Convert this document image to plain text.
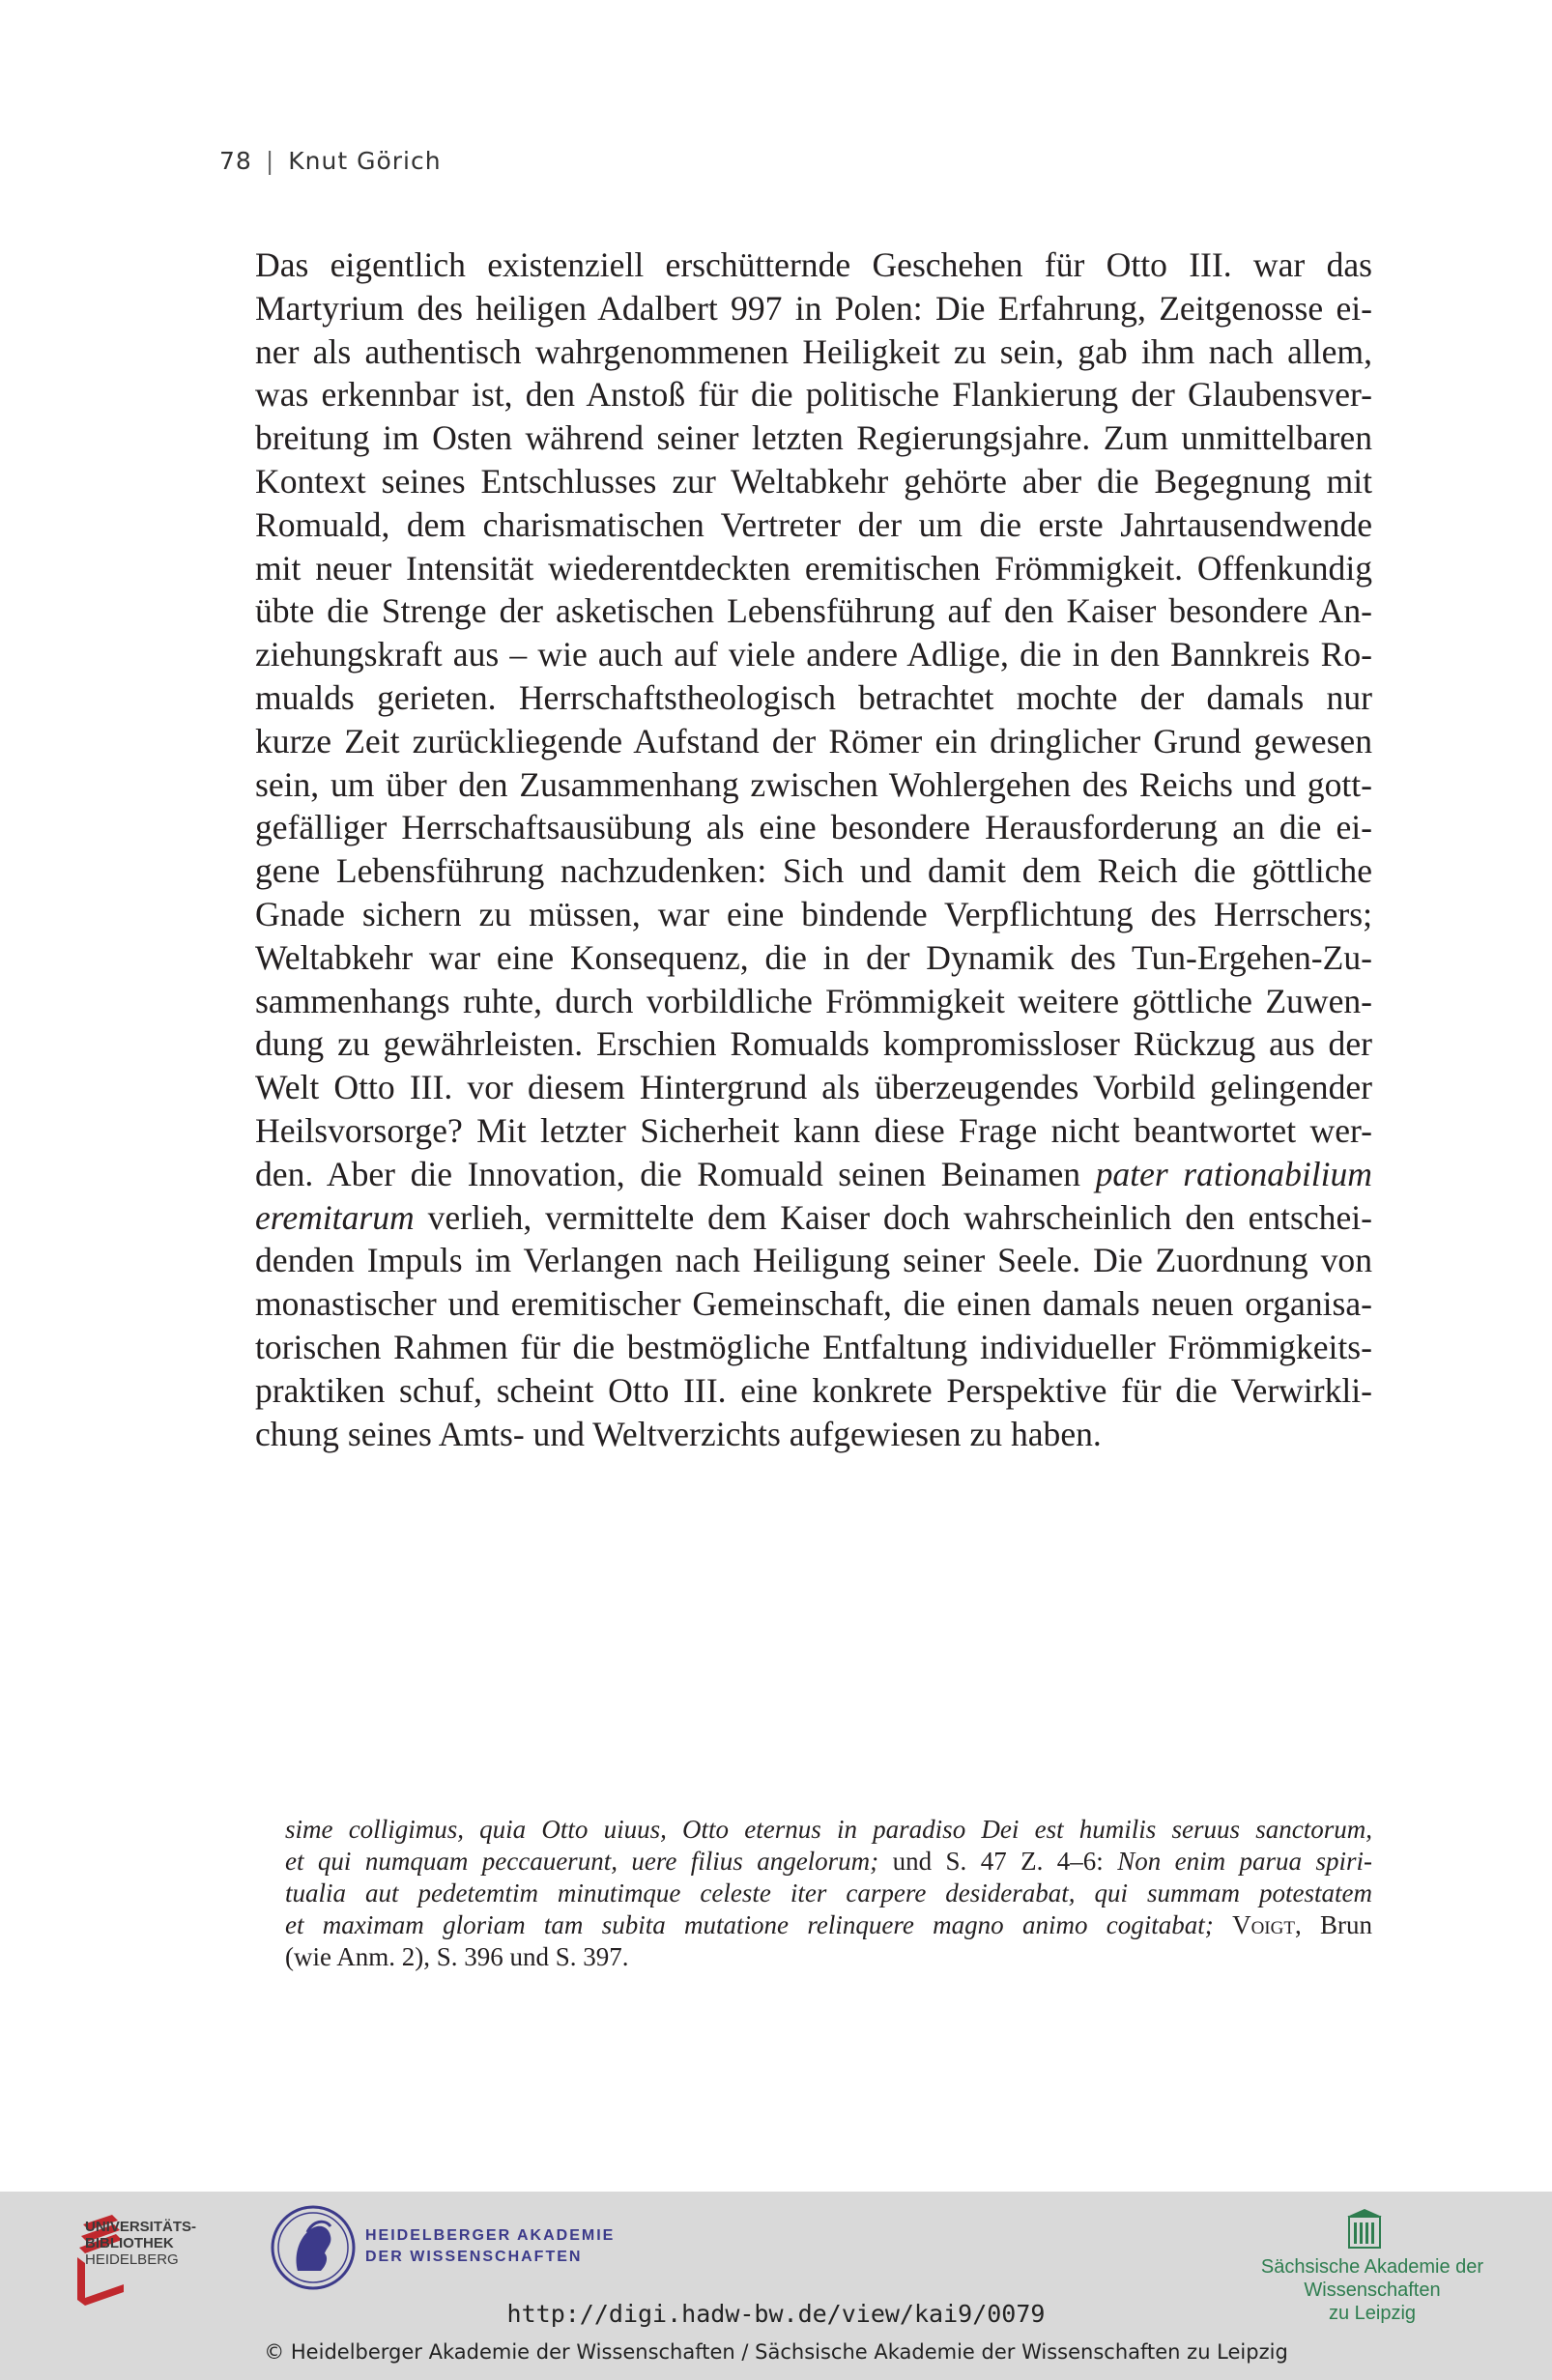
78 | Knut Görich

Das eigentlich existenziell erschütternde Geschehen für Otto III. war das
Martyrium des heiligen Adalbert 997 in Polen: Die Erfahrung, Zeitgenosse ei-
ner als authentisch wahrgenommenen Heiligkeit zu sein, gab ihm nach allem,
was erkennbar ist, den Anstoß für die politische Flankierung der Glaubensver-
breitung im Osten während seiner letzten Regierungsjahre. Zum unmittelbaren
Kontext seines Entschlusses zur Weltabkehr gehörte aber die Begegnung mit
Romuald, dem charismatischen Vertreter der um die erste Jahrtausendwende
mit neuer Intensität wiederentdeckten eremitischen Frömmigkeit. Offenkundig
übte die Strenge der asketischen Lebensführung auf den Kaiser besondere An-
ziehungskraft aus – wie auch auf viele andere Adlige, die in den Bannkreis Ro-
mualds gerieten. Herrschaftstheologisch betrachtet mochte der damals nur
kurze Zeit zurückliegende Aufstand der Römer ein dringlicher Grund gewesen
sein, um über den Zusammenhang zwischen Wohlergehen des Reichs und gott-
gefälliger Herrschaftsausübung als eine besondere Herausforderung an die ei-
gene Lebensführung nachzudenken: Sich und damit dem Reich die göttliche
Gnade sichern zu müssen, war eine bindende Verpflichtung des Herrschers;
Weltabkehr war eine Konsequenz, die in der Dynamik des Tun-Ergehen-Zu-
sammenhangs ruhte, durch vorbildliche Frömmigkeit weitere göttliche Zuwen-
dung zu gewährleisten. Erschien Romualds kompromissloser Rückzug aus der
Welt Otto III. vor diesem Hintergrund als überzeugendes Vorbild gelingender
Heilsvorsorge? Mit letzter Sicherheit kann diese Frage nicht beantwortet wer-
den. Aber die Innovation, die Romuald seinen Beinamen pater rationabilium
eremitarum verlieh, vermittelte dem Kaiser doch wahrscheinlich den entschei-
denden Impuls im Verlangen nach Heiligung seiner Seele. Die Zuordnung von
monastischer und eremitischer Gemeinschaft, die einen damals neuen organisa-
torischen Rahmen für die bestmögliche Entfaltung individueller Frömmigkeits-
praktiken schuf, scheint Otto III. eine konkrete Perspektive für die Verwirkli-
chung seines Amts- und Weltverzichts aufgewiesen zu haben.

sime colligimus, quia Otto uiuus, Otto eternus in paradiso Dei est humilis seruus sanctorum,
et qui numquam peccauerunt, uere filius angelorum; und S. 47 Z. 4–6: Non enim parua spiri-
tualia aut pedetemtim minutimque celeste iter carpere desiderabat, qui summam potestatem
et maximam gloriam tam subita mutatione relinquere magno animo cogitabat; Voigt, Brun
(wie Anm. 2), S. 396 und S. 397.
UNIVERSITÄTS-
BIBLIOTHEK
HEIDELBERG
HEIDELBERGER AKADEMIE
DER WISSENSCHAFTEN	Sächsische Akademie der Wissenschaften
zu Leipzig
http://digi.hadw-bw.de/view/kai9/0079
© Heidelberger Akademie der Wissenschaften / Sächsische Akademie der Wissenschaften zu Leipzig
